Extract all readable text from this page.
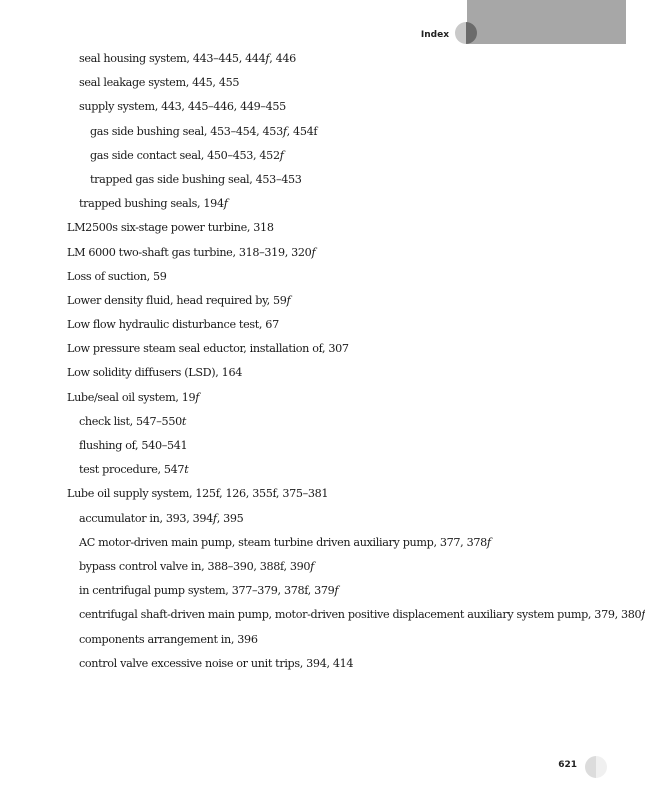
Index
seal housing system, 443–445, 444f, 446
seal leakage system, 445, 455
supply system, 443, 445–446, 449–455
gas side bushing seal, 453–454, 453f, 454f
gas side contact seal, 450–453, 452f
trapped gas side bushing seal, 453–453
trapped bushing seals, 194f
LM2500s six-stage power turbine, 318
LM 6000 two-shaft gas turbine, 318–319, 320f
Loss of suction, 59
Lower density fluid, head required by, 59f
Low flow hydraulic disturbance test, 67
Low pressure steam seal eductor, installation of, 307
Low solidity diffusers (LSD), 164
Lube/seal oil system, 19f
check list, 547–550t
flushing of, 540–541
test procedure, 547t
Lube oil supply system, 125f, 126, 355f, 375–381
accumulator in, 393, 394f, 395
AC motor-driven main pump, steam turbine driven auxiliary pump, 377, 378f
bypass control valve in, 388–390, 388f, 390f
in centrifugal pump system, 377–379, 378f, 379f
centrifugal shaft-driven main pump, motor-driven positive displacement auxiliary system pump, 379, 380f
components arrangement in, 396
control valve excessive noise or unit trips, 394, 414
621
